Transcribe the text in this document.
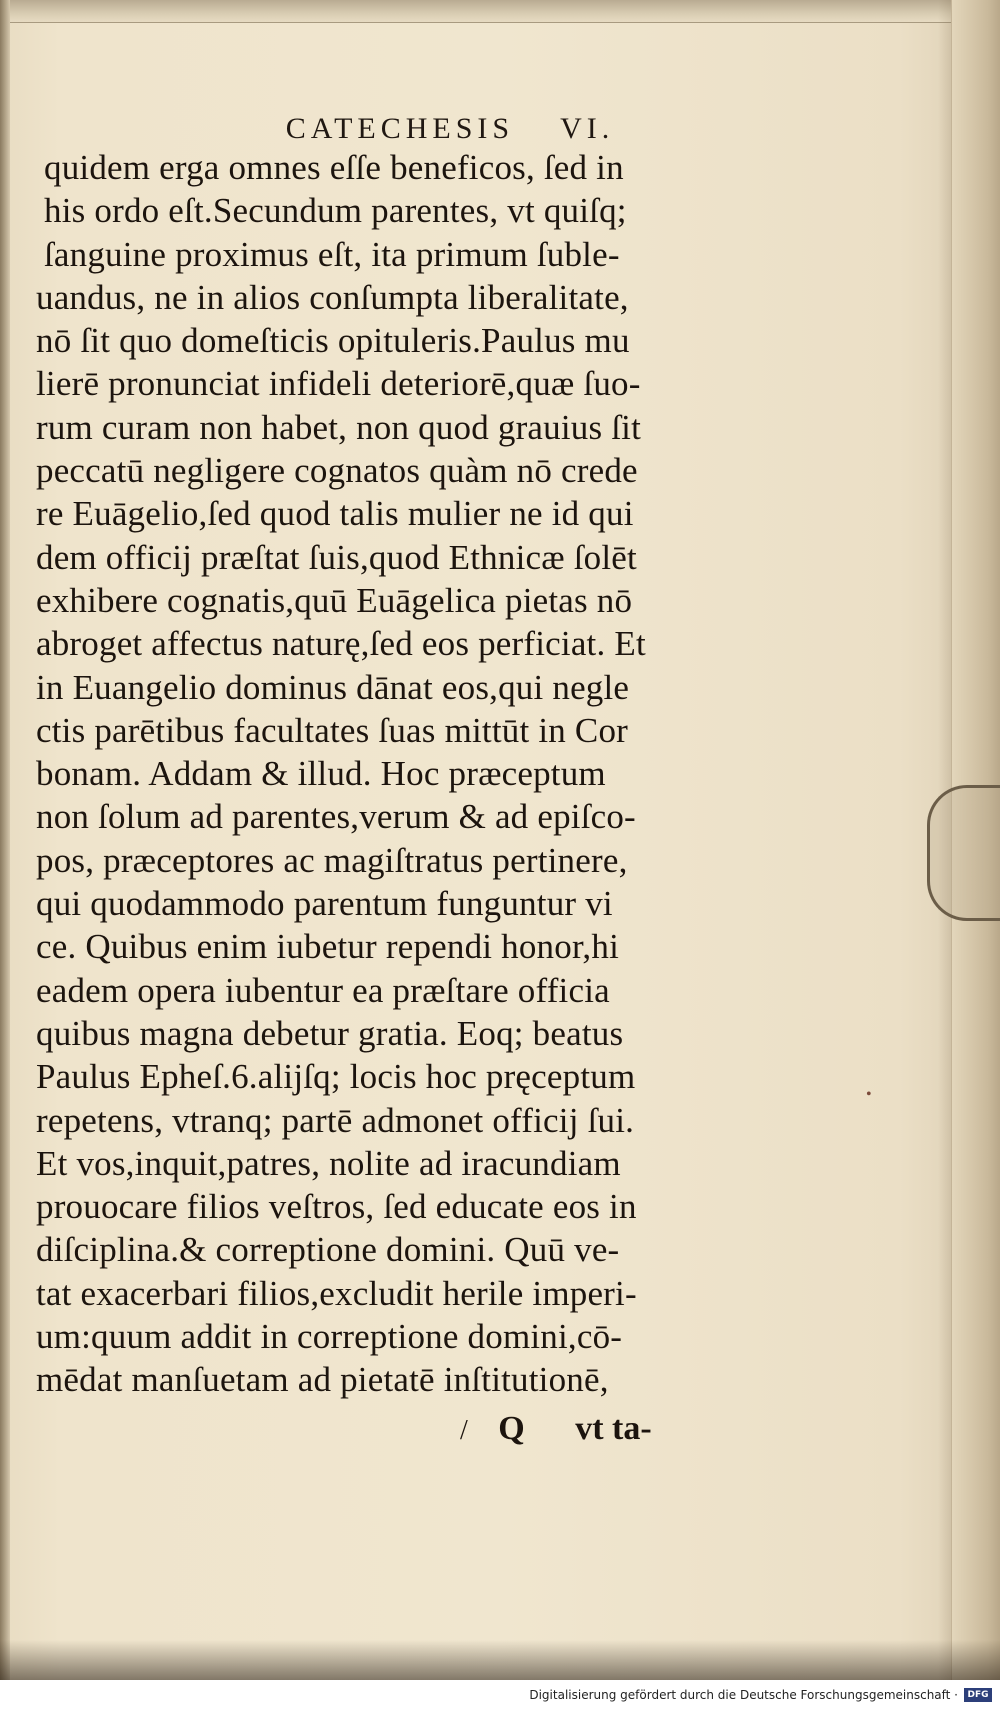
•
CATECHESIS VI.
quidem erga omnes eſſe beneficos, ſed in
his ordo eſt.Secundum parentes, vt quiſq;
ſanguine proximus eſt, ita primum ſuble-
uandus, ne in alios conſumpta liberalitate,
nō ſit quo domeſticis opituleris.Paulus mu
lierē pronunciat infideli deteriorē,quæ ſuo-
rum curam non habet, non quod grauius ſit
peccatū negligere cognatos quàm nō crede
re Euāgelio,ſed quod talis mulier ne id qui
dem officij præſtat ſuis,quod Ethnicæ ſolēt
exhibere cognatis,quū Euāgelica pietas nō
abroget affectus naturę,ſed eos perficiat. Et
in Euangelio dominus dānat eos,qui negle
ctis parētibus facultates ſuas mittūt in Cor
bonam. Addam & illud. Hoc præceptum
non ſolum ad parentes,verum & ad epiſco-
pos, præceptores ac magiſtratus pertinere,
qui quodammodo parentum funguntur vi
ce. Quibus enim iubetur rependi honor,hi
eadem opera iubentur ea præſtare officia
quibus magna debetur gratia. Eoq; beatus
Paulus Epheſ.6.alijſq; locis hoc pręceptum
repetens, vtranq; partē admonet officij ſui.
Et vos,inquit,patres, nolite ad iracundiam
prouocare filios veſtros, ſed educate eos in
diſciplina.& correptione domini. Quū ve-
tat exacerbari filios,excludit herile imperi-
um:quum addit in correptione domini,cō-
mēdat manſuetam ad pietatē inſtitutionē,
/ Q vt ta-
Digitalisierung gefördert durch die Deutsche Forschungsgemeinschaft ·	DFG
